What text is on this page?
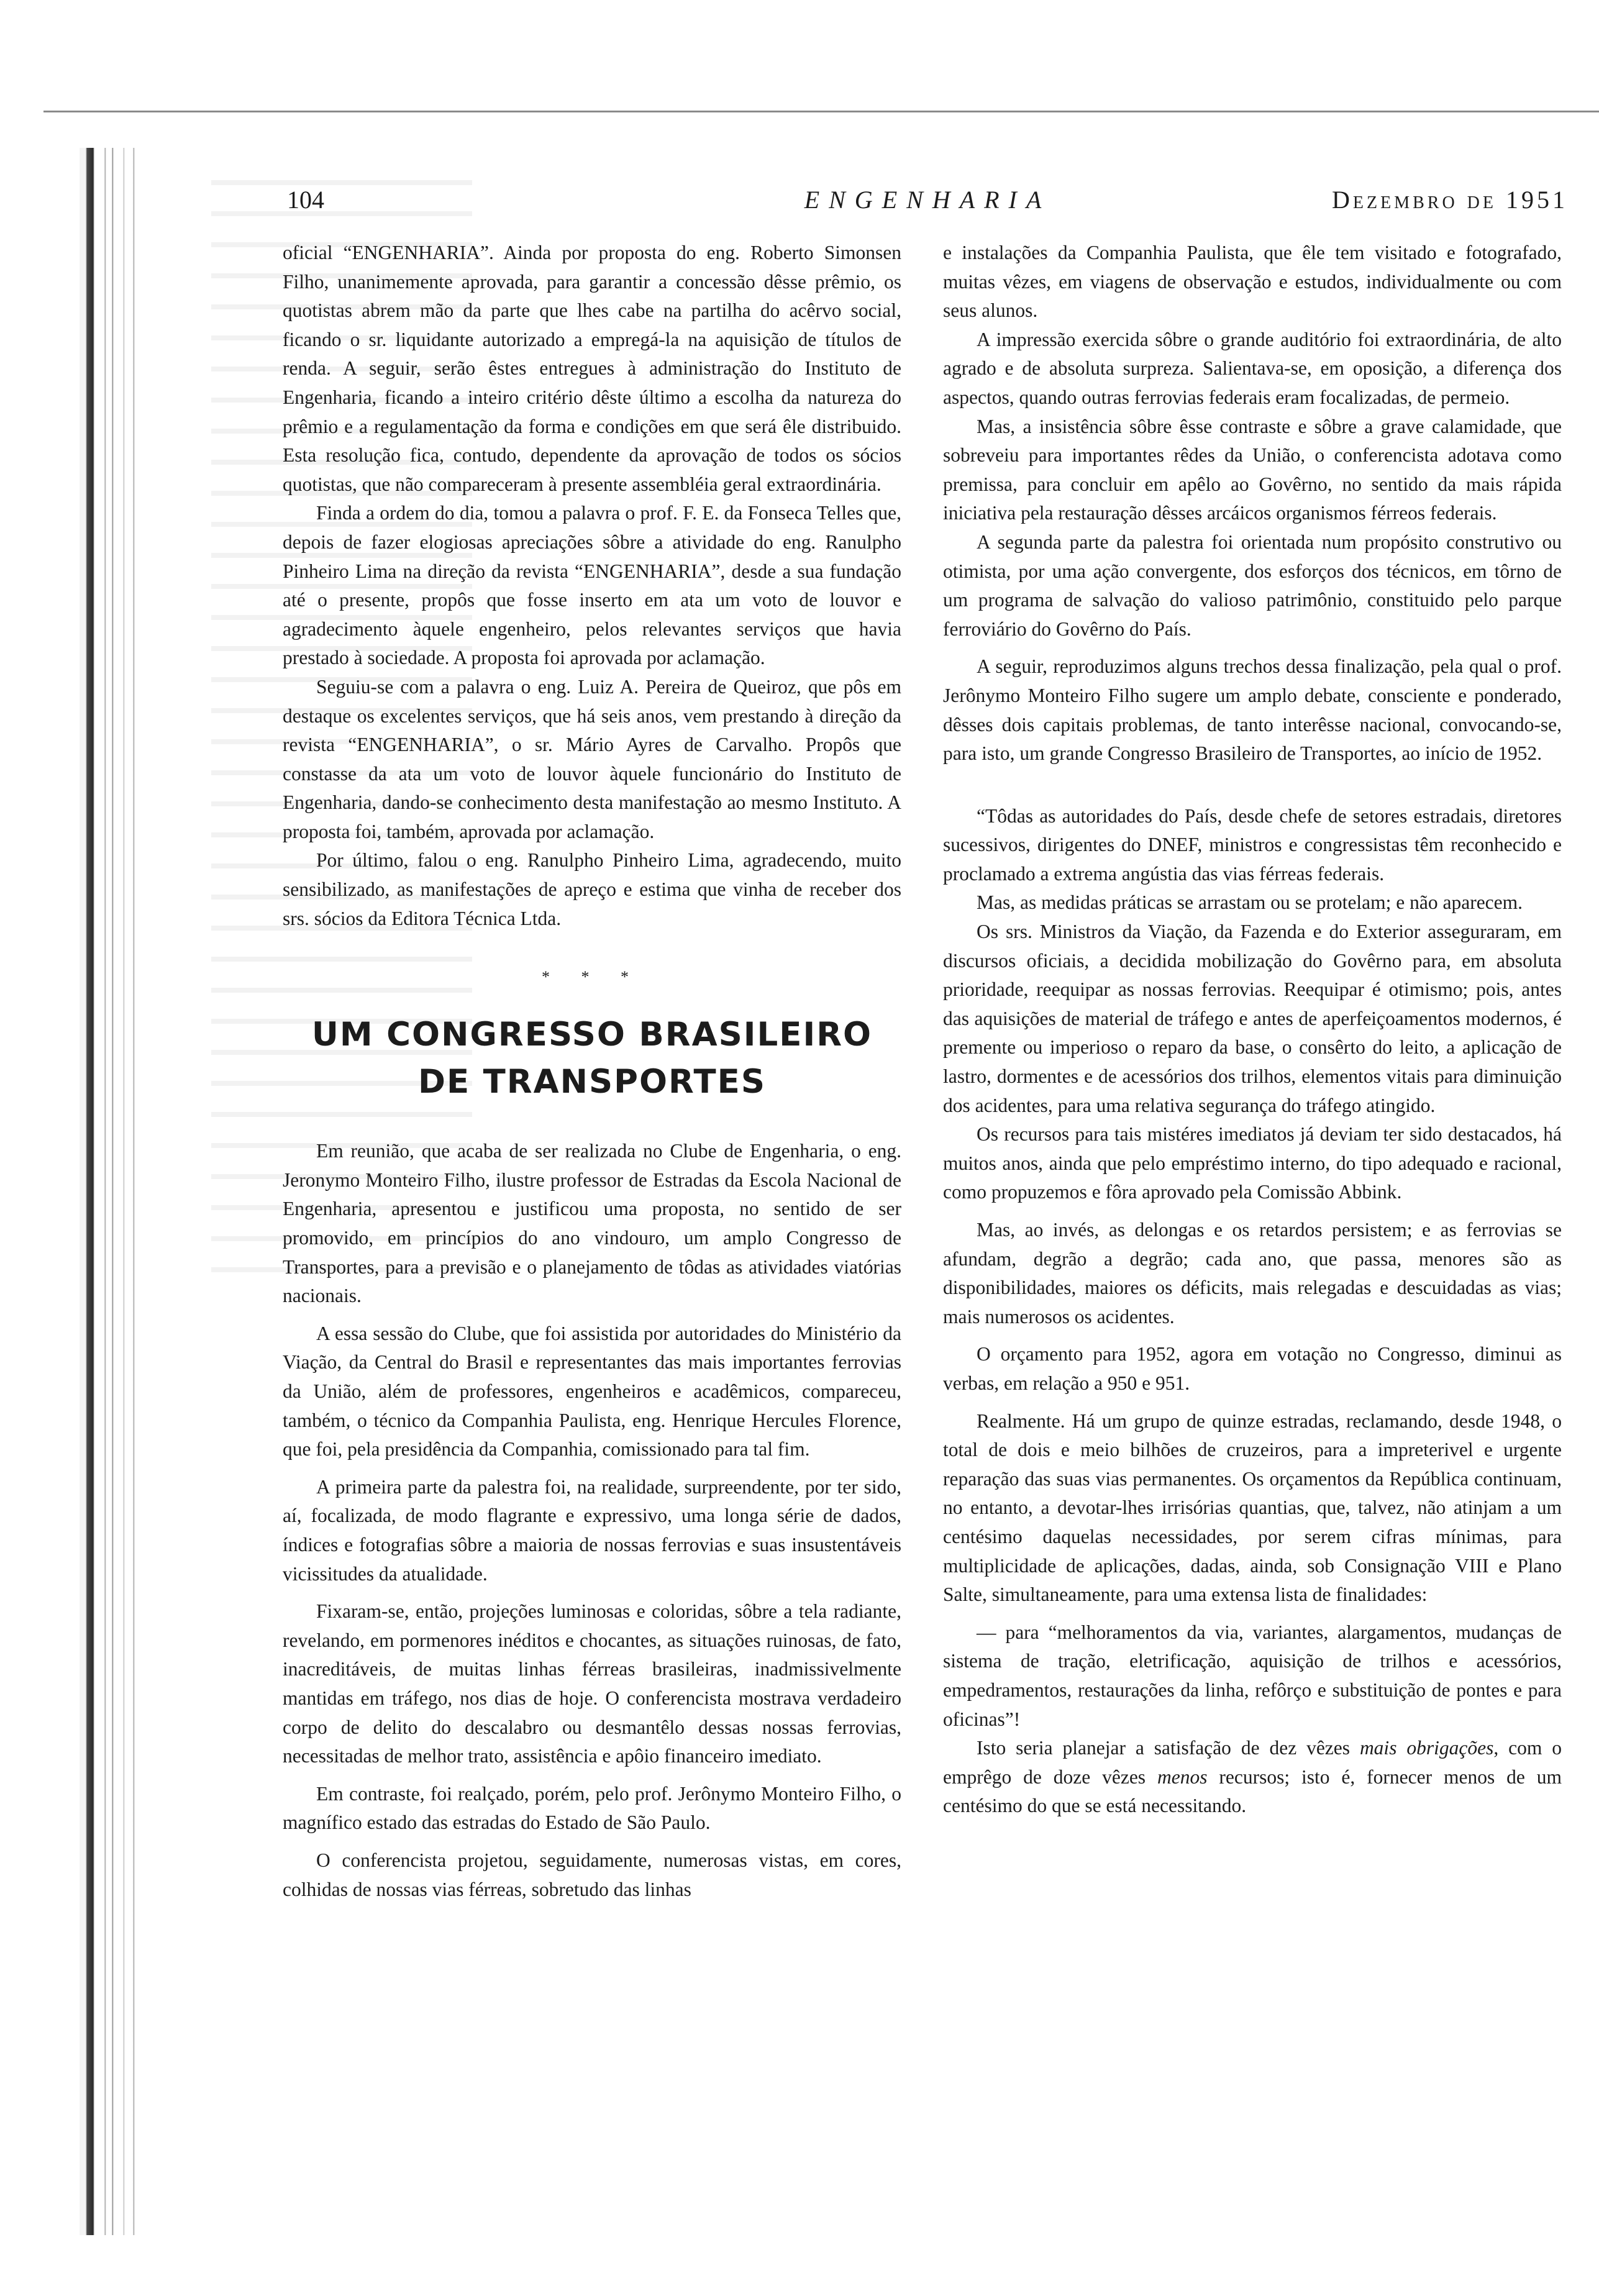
104	ENGENHARIA	Dezembro de 1951

oficial “ENGENHARIA”. Ainda por proposta do eng. Roberto Simonsen Filho, unanimemente aprovada, para garantir a concessão dêsse prêmio, os quotistas abrem mão da parte que lhes cabe na partilha do acêrvo social, ficando o sr. liquidante autorizado a empregá-la na aquisição de títulos de renda. A seguir, serão êstes entregues à administração do Instituto de Engenharia, ficando a inteiro critério dêste último a escolha da natureza do prêmio e a regulamentação da forma e condições em que será êle distribuido. Esta resolução fica, contudo, dependente da aprovação de todos os sócios quotistas, que não compareceram à presente assembléia geral extraordinária.

Finda a ordem do dia, tomou a palavra o prof. F. E. da Fonseca Telles que, depois de fazer elogiosas apreciações sôbre a atividade do eng. Ranulpho Pinheiro Lima na direção da revista “ENGENHARIA”, desde a sua fundação até o presente, propôs que fosse inserto em ata um voto de louvor e agradecimento àquele engenheiro, pelos relevantes serviços que havia prestado à sociedade. A proposta foi aprovada por aclamação.

Seguiu-se com a palavra o eng. Luiz A. Pereira de Queiroz, que pôs em destaque os excelentes serviços, que há seis anos, vem prestando à direção da revista “ENGENHARIA”, o sr. Mário Ayres de Carvalho. Propôs que constasse da ata um voto de louvor àquele funcionário do Instituto de Engenharia, dando-se conhecimento desta manifestação ao mesmo Instituto. A proposta foi, também, aprovada por aclamação.

Por último, falou o eng. Ranulpho Pinheiro Lima, agradecendo, muito sensibilizado, as manifestações de apreço e estima que vinha de receber dos srs. sócios da Editora Técnica Ltda.

* * *
UM CONGRESSO BRASILEIRO
DE TRANSPORTES

Em reunião, que acaba de ser realizada no Clube de Engenharia, o eng. Jeronymo Monteiro Filho, ilustre professor de Estradas da Escola Nacional de Engenharia, apresentou e justificou uma proposta, no sentido de ser promovido, em princípios do ano vindouro, um amplo Congresso de Transportes, para a previsão e o planejamento de tôdas as atividades viatórias nacionais.

A essa sessão do Clube, que foi assistida por autoridades do Ministério da Viação, da Central do Brasil e representantes das mais importantes ferrovias da União, além de professores, engenheiros e acadêmicos, compareceu, também, o técnico da Companhia Paulista, eng. Henrique Hercules Florence, que foi, pela presidência da Companhia, comissionado para tal fim.

A primeira parte da palestra foi, na realidade, surpreendente, por ter sido, aí, focalizada, de modo flagrante e expressivo, uma longa série de dados, índices e fotografias sôbre a maioria de nossas ferrovias e suas insustentáveis vicissitudes da atualidade.

Fixaram-se, então, projeções luminosas e coloridas, sôbre a tela radiante, revelando, em pormenores inéditos e chocantes, as situações ruinosas, de fato, inacreditáveis, de muitas linhas férreas brasileiras, inadmissivelmente mantidas em tráfego, nos dias de hoje. O conferencista mostrava verdadeiro corpo de delito do descalabro ou desmantêlo dessas nossas ferrovias, necessitadas de melhor trato, assistência e apôio financeiro imediato.

Em contraste, foi realçado, porém, pelo prof. Jerônymo Monteiro Filho, o magnífico estado das estradas do Estado de São Paulo.

O conferencista projetou, seguidamente, numerosas vistas, em cores, colhidas de nossas vias férreas, sobretudo das linhas

e instalações da Companhia Paulista, que êle tem visitado e fotografado, muitas vêzes, em viagens de observação e estudos, individualmente ou com seus alunos.

A impressão exercida sôbre o grande auditório foi extraordinária, de alto agrado e de absoluta surpreza. Salientava-se, em oposição, a diferença dos aspectos, quando outras ferrovias federais eram focalizadas, de permeio.

Mas, a insistência sôbre êsse contraste e sôbre a grave calamidade, que sobreveiu para importantes rêdes da União, o conferencista adotava como premissa, para concluir em apêlo ao Govêrno, no sentido da mais rápida iniciativa pela restauração dêsses arcáicos organismos férreos federais.

A segunda parte da palestra foi orientada num propósito construtivo ou otimista, por uma ação convergente, dos esforços dos técnicos, em tôrno de um programa de salvação do valioso patrimônio, constituido pelo parque ferroviário do Govêrno do País.

A seguir, reproduzimos alguns trechos dessa finalização, pela qual o prof. Jerônymo Monteiro Filho sugere um amplo debate, consciente e ponderado, dêsses dois capitais problemas, de tanto interêsse nacional, convocando-se, para isto, um grande Congresso Brasileiro de Transportes, ao início de 1952.

“Tôdas as autoridades do País, desde chefe de setores estradais, diretores sucessivos, dirigentes do DNEF, ministros e congressistas têm reconhecido e proclamado a extrema angústia das vias férreas federais.

Mas, as medidas práticas se arrastam ou se protelam; e não aparecem.

Os srs. Ministros da Viação, da Fazenda e do Exterior asseguraram, em discursos oficiais, a decidida mobilização do Govêrno para, em absoluta prioridade, reequipar as nossas ferrovias. Reequipar é otimismo; pois, antes das aquisições de material de tráfego e antes de aperfeiçoamentos modernos, é premente ou imperioso o reparo da base, o consêrto do leito, a aplicação de lastro, dormentes e de acessórios dos trilhos, elementos vitais para diminuição dos acidentes, para uma relativa segurança do tráfego atingido.

Os recursos para tais mistéres imediatos já deviam ter sido destacados, há muitos anos, ainda que pelo empréstimo interno, do tipo adequado e racional, como propuzemos e fôra aprovado pela Comissão Abbink.

Mas, ao invés, as delongas e os retardos persistem; e as ferrovias se afundam, degrão a degrão; cada ano, que passa, menores são as disponibilidades, maiores os déficits, mais relegadas e descuidadas as vias; mais numerosos os acidentes.

O orçamento para 1952, agora em votação no Congresso, diminui as verbas, em relação a 950 e 951.

Realmente. Há um grupo de quinze estradas, reclamando, desde 1948, o total de dois e meio bilhões de cruzeiros, para a impreterivel e urgente reparação das suas vias permanentes. Os orçamentos da República continuam, no entanto, a devotar-lhes irrisórias quantias, que, talvez, não atinjam a um centésimo daquelas necessidades, por serem cifras mínimas, para multiplicidade de aplicações, dadas, ainda, sob Consignação VIII e Plano Salte, simultaneamente, para uma extensa lista de finalidades:

— para “melhoramentos da via, variantes, alargamentos, mudanças de sistema de tração, eletrificação, aquisição de trilhos e acessórios, empedramentos, restaurações da linha, refôrço e substituição de pontes e para oficinas”!

Isto seria planejar a satisfação de dez vêzes mais obrigações, com o emprêgo de doze vêzes menos recursos; isto é, fornecer menos de um centésimo do que se está necessitando.
